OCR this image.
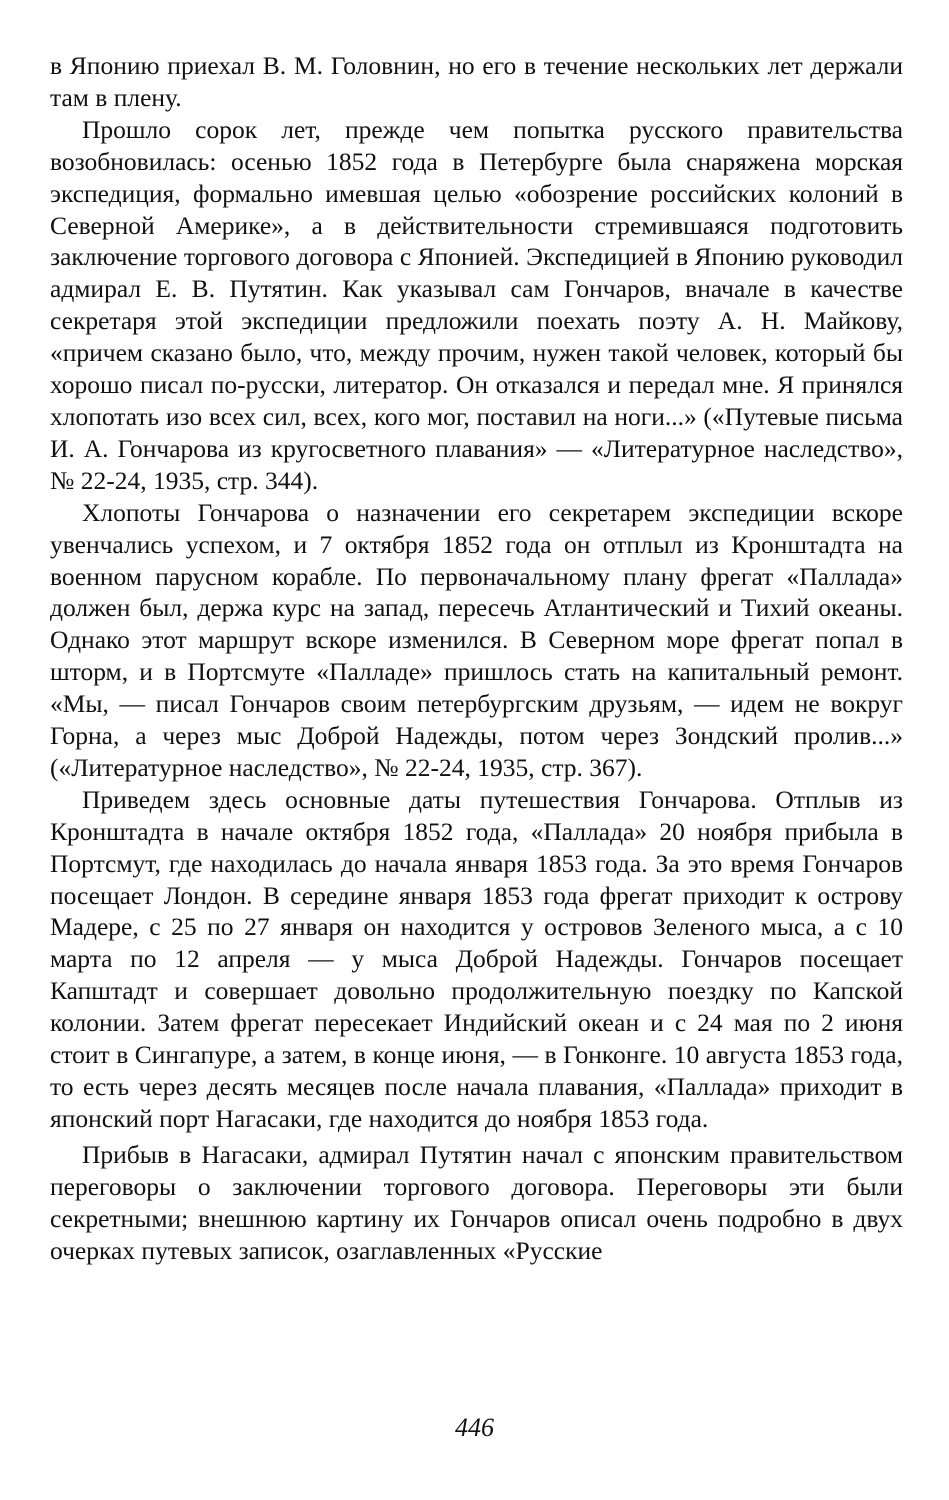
в Японию приехал В. М. Головнин, но его в течение нескольких лет держали там в плену.

Прошло сорок лет, прежде чем попытка русского правительства возобновилась: осенью 1852 года в Петербурге была снаряжена морская экспедиция, формально имевшая целью «обозрение российских колоний в Северной Америке», а в действительности стремившаяся подготовить заключение торгового договора с Японией. Экспедицией в Японию руководил адмирал Е. В. Путятин. Как указывал сам Гончаров, вначале в качестве секретаря этой экспедиции предложили поехать поэту А. Н. Майкову, «причем сказано было, что, между прочим, нужен такой человек, который бы хорошо писал по-русски, литератор. Он отказался и передал мне. Я принялся хлопотать изо всех сил, всех, кого мог, поставил на ноги...» («Путевые письма И. А. Гончарова из кругосветного плавания» — «Литературное наследство», № 22-24, 1935, стр. 344).

Хлопоты Гончарова о назначении его секретарем экспедиции вскоре увенчались успехом, и 7 октября 1852 года он отплыл из Кронштадта на военном парусном корабле. По первоначальному плану фрегат «Паллада» должен был, держа курс на запад, пересечь Атлантический и Тихий океаны. Однако этот маршрут вскоре изменился. В Северном море фрегат попал в шторм, и в Портсмуте «Палладе» пришлось стать на капитальный ремонт. «Мы, — писал Гончаров своим петербургским друзьям, — идем не вокруг Горна, а через мыс Доброй Надежды, потом через Зондский пролив...» («Литературное наследство», № 22-24, 1935, стр. 367).

Приведем здесь основные даты путешествия Гончарова. Отплыв из Кронштадта в начале октября 1852 года, «Паллада» 20 ноября прибыла в Портсмут, где находилась до начала января 1853 года. За это время Гончаров посещает Лондон. В середине января 1853 года фрегат приходит к острову Мадере, с 25 по 27 января он находится у островов Зеленого мыса, а с 10 марта по 12 апреля — у мыса Доброй Надежды. Гончаров посещает Капштадт и совершает довольно продолжительную поездку по Капской колонии. Затем фрегат пересекает Индийский океан и с 24 мая по 2 июня стоит в Сингапуре, а затем, в конце июня, — в Гонконге. 10 августа 1853 года, то есть через десять месяцев после начала плавания, «Паллада» приходит в японский порт Нагасаки, где находится до ноября 1853 года.

Прибыв в Нагасаки, адмирал Путятин начал с японским правительством переговоры о заключении торгового договора. Переговоры эти были секретными; внешнюю картину их Гончаров описал очень подробно в двух очерках путевых записок, озаглавленных «Русские

446
